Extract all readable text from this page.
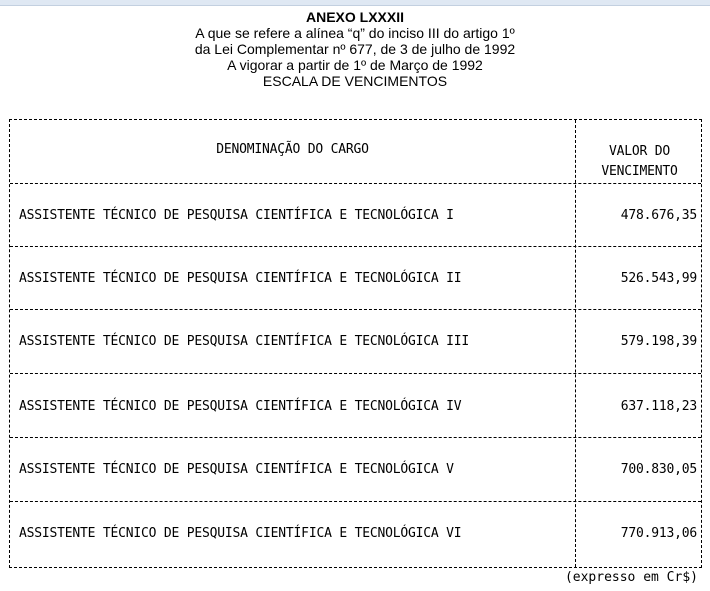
ANEXO LXXXII
A que se refere a alínea “q” do inciso III do artigo 1º
da Lei Complementar nº 677, de 3 de julho de 1992
A vigorar a partir de 1º de Março de 1992
ESCALA DE VENCIMENTOS
DENOMINAÇÃO DO CARGO	VALOR DO
VENCIMENTO
ASSISTENTE TÉCNICO DE PESQUISA CIENTÍFICA E TECNOLÓGICA I	478.676,35
ASSISTENTE TÉCNICO DE PESQUISA CIENTÍFICA E TECNOLÓGICA II	526.543,99
ASSISTENTE TÉCNICO DE PESQUISA CIENTÍFICA E TECNOLÓGICA III	579.198,39
ASSISTENTE TÉCNICO DE PESQUISA CIENTÍFICA E TECNOLÓGICA IV	637.118,23
ASSISTENTE TÉCNICO DE PESQUISA CIENTÍFICA E TECNOLÓGICA V	700.830,05
ASSISTENTE TÉCNICO DE PESQUISA CIENTÍFICA E TECNOLÓGICA VI	770.913,06
(expresso em Cr$)
